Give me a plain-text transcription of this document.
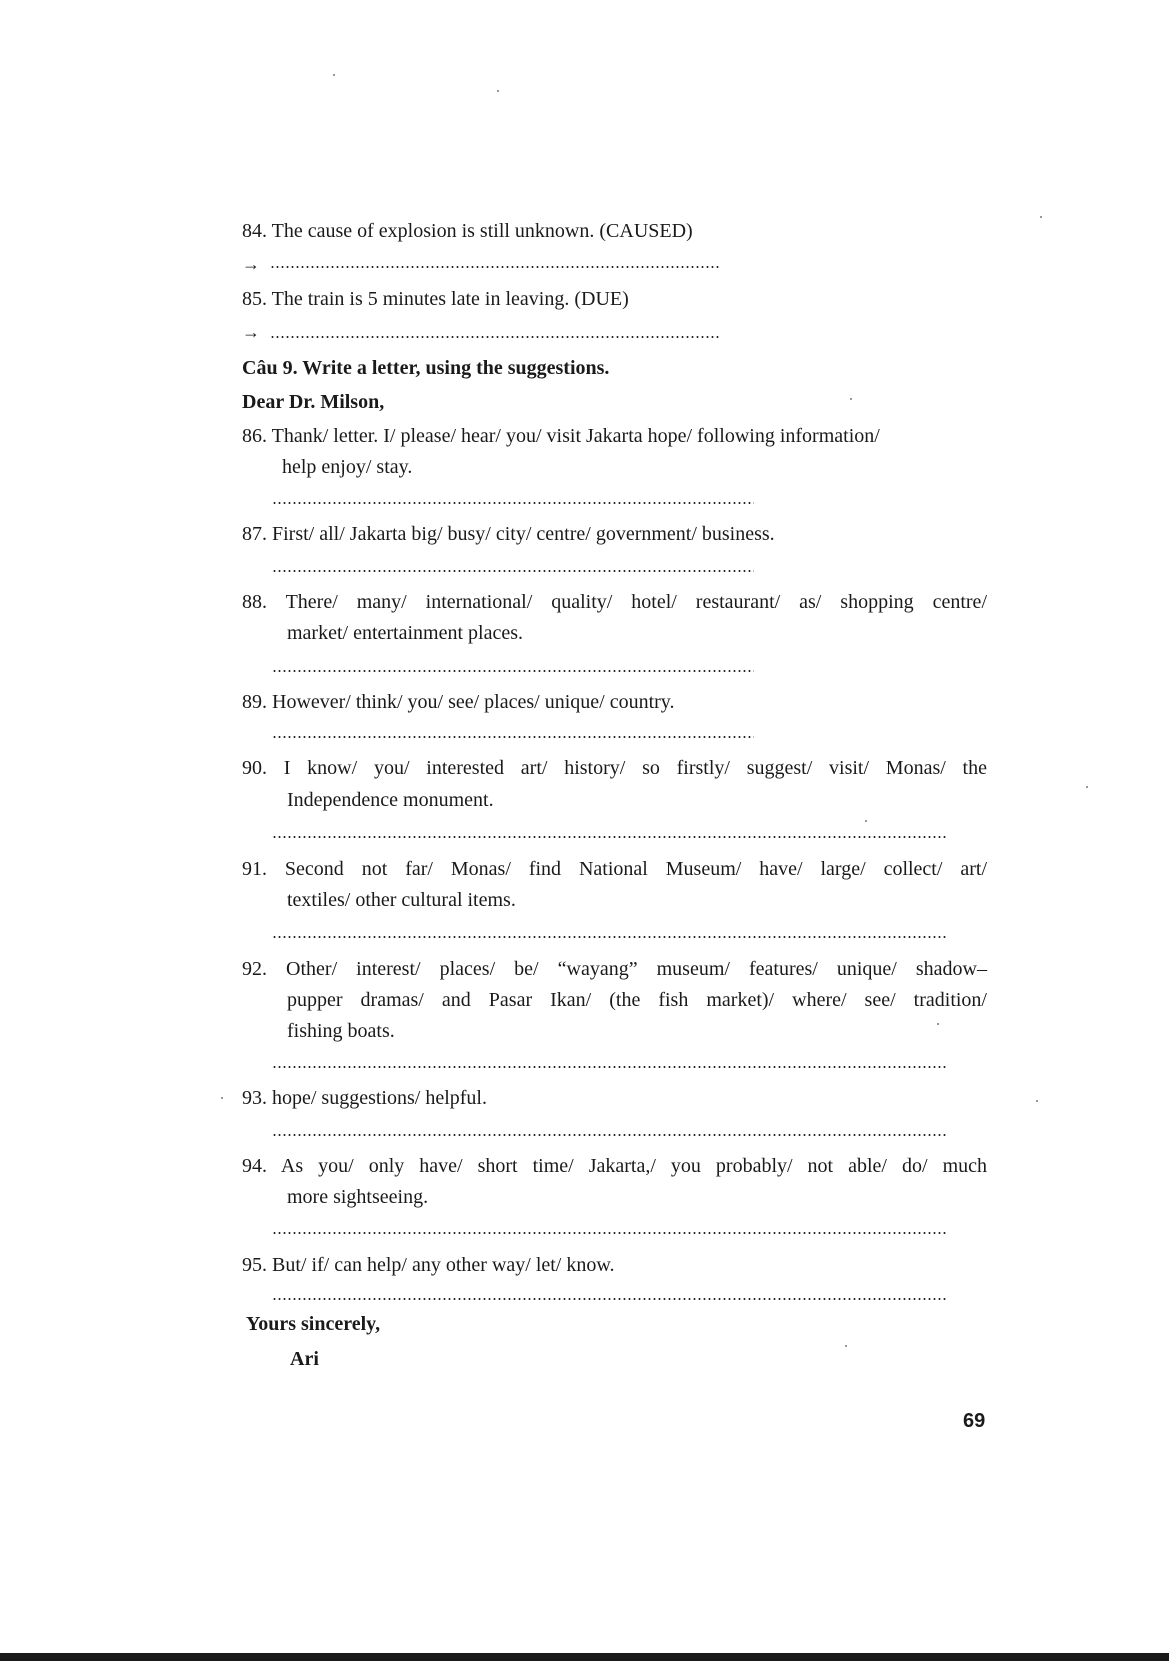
84. The cause of explosion is still unknown. (CAUSED)
→
85. The train is 5 minutes late in leaving. (DUE)
→
Câu 9. Write a letter, using the suggestions.
Dear Dr. Milson,
86. Thank/ letter. I/ please/ hear/ you/ visit Jakarta hope/ following information/
help enjoy/ stay.
87. First/ all/ Jakarta big/ busy/ city/ centre/ government/ business.
88. There/ many/ international/ quality/ hotel/ restaurant/ as/ shopping centre/
market/ entertainment places.
89. However/ think/ you/ see/ places/ unique/ country.
90. I know/ you/ interested art/ history/ so firstly/ suggest/ visit/ Monas/ the
Independence monument.
91. Second not far/ Monas/ find National Museum/ have/ large/ collect/ art/
textiles/ other cultural items.
92. Other/ interest/ places/ be/ “wayang” museum/ features/ unique/ shadow–
pupper dramas/ and Pasar Ikan/ (the fish market)/ where/ see/ tradition/
fishing boats.
93. hope/ suggestions/ helpful.
94. As you/ only have/ short time/ Jakarta,/ you probably/ not able/ do/ much
more sightseeing.
95. But/ if/ can help/ any other way/ let/ know.
Yours sincerely,
Ari
69
